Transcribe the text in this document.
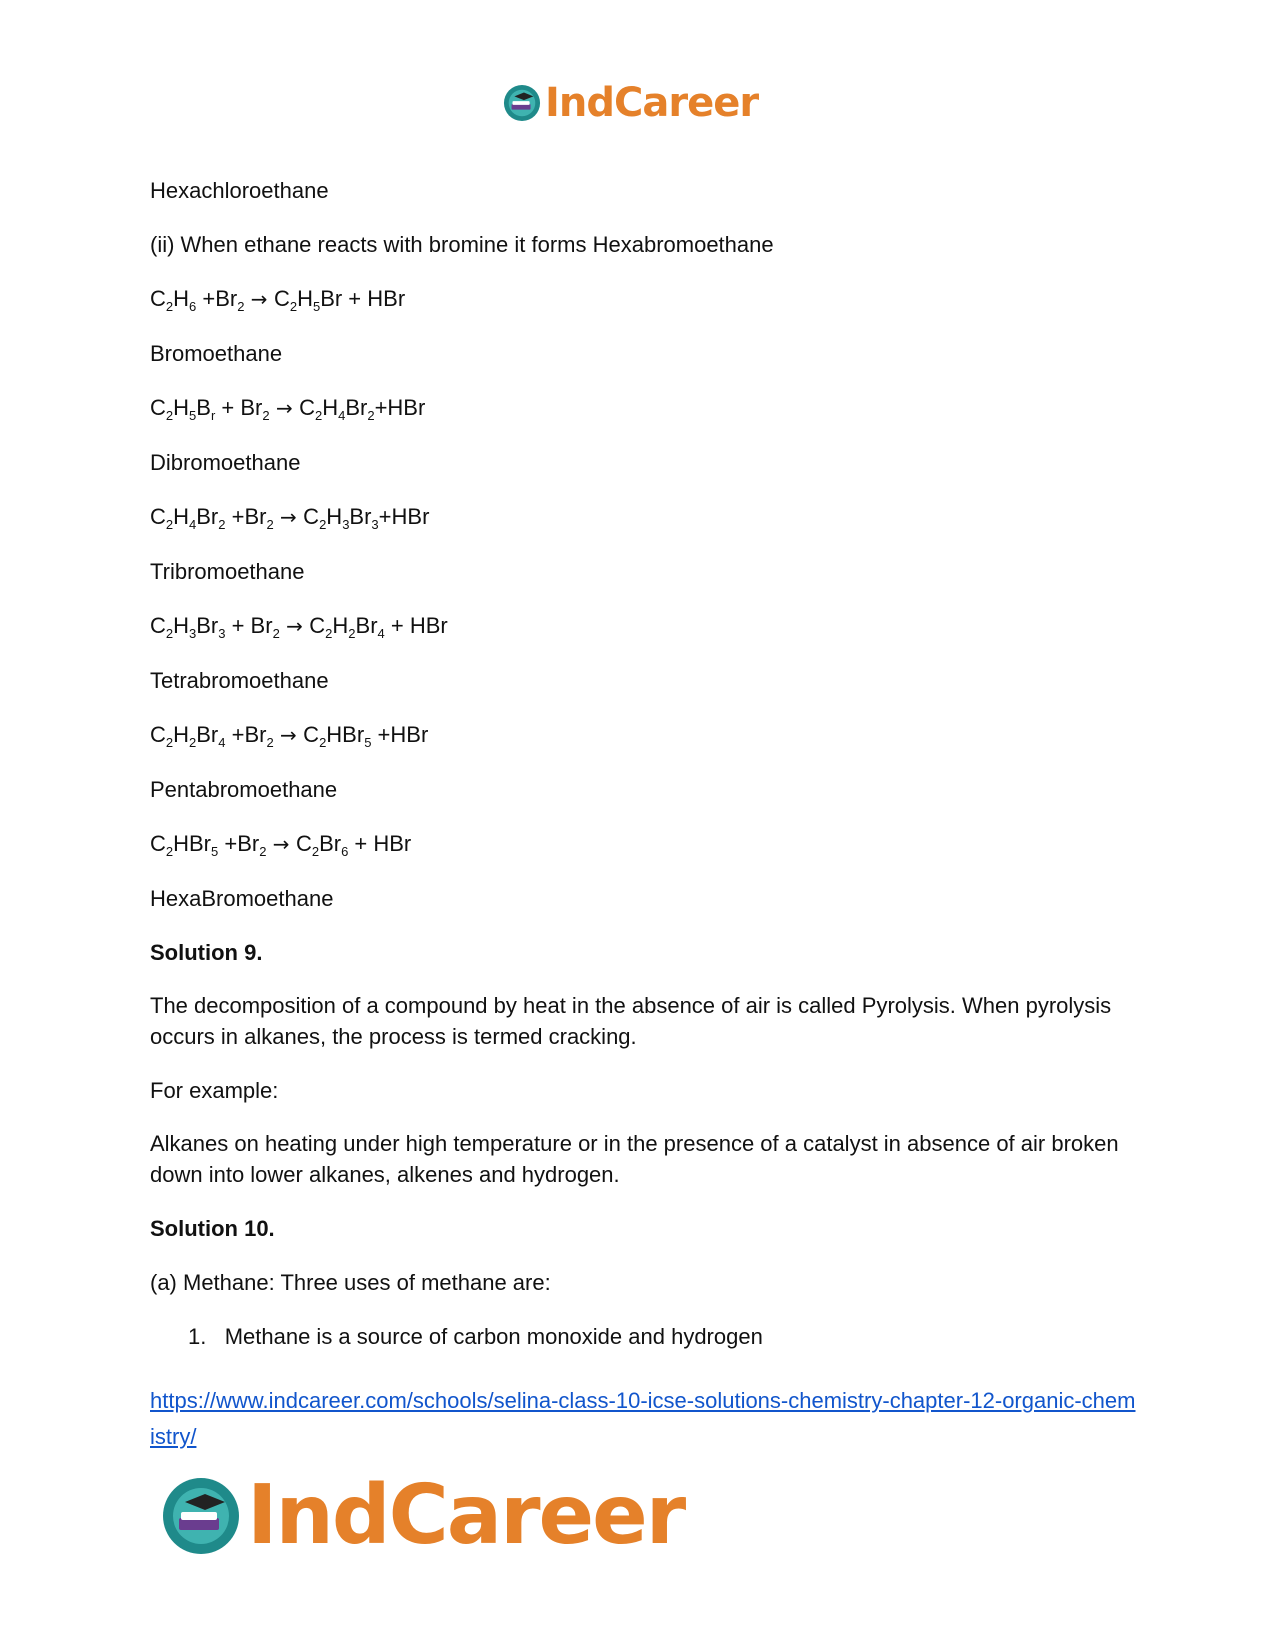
IndCareer

Hexachloroethane

(ii) When ethane reacts with bromine it forms Hexabromoethane

$C_2H_6 +Br_2 \to C_2H_5Br$ + HBr

Bromoethane

$C_2H_5B_r + Br_2 \to C_2H_4Br_2+HBr$

Dibromoethane

$C_2H_4Br_2 +Br_2 \to C_2H_3Br_3+HBr$

Tribromoethane

$C_2H_3Br_3 + Br_2 \to C_2H_2Br_4$ + HBr

Tetrabromoethane

$C_2H_2Br_4 +Br_2 \to C_2HBr_5 +HBr$

Pentabromoethane

$C_2HBr_5 +Br_2 \to C_2Br_6$ + HBr

HexaBromoethane

Solution 9.

The decomposition of a compound by heat in the absence of air is called Pyrolysis. When pyrolysis occurs in alkanes, the process is termed cracking.

For example:

Alkanes on heating under high temperature or in the presence of a catalyst in absence of air broken down into lower alkanes, alkenes and hydrogen.

Solution 10.

(a) Methane: Three uses of methane are:

1. Methane is a source of carbon monoxide and hydrogen

https://www.indcareer.com/schools/selina-class-10-icse-solutions-chemistry-chapter-12-organic-chemistry/
IndCareer
